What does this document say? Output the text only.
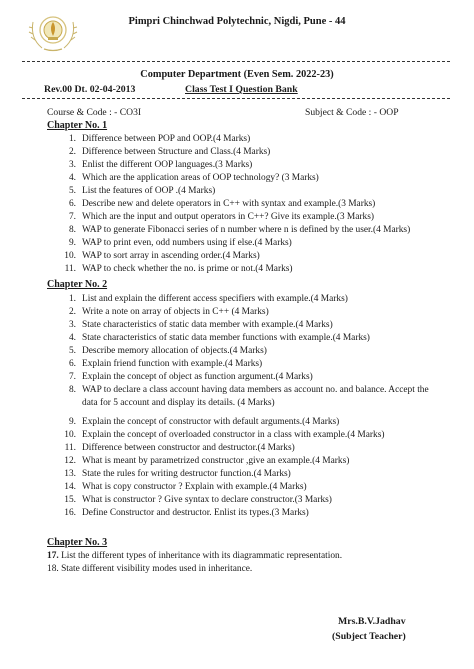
Pimpri Chinchwad Polytechnic, Nigdi, Pune - 44
Computer Department (Even Sem. 2022-23)
Rev.00 Dt. 02-04-2013	Class Test I Question Bank
Course & Code : - CO3I	Subject & Code : - OOP
Chapter No. 1
1. Difference between POP and OOP.(4 Marks)
2. Difference between Structure and Class.(4 Marks)
3. Enlist the different OOP languages.(3 Marks)
4. Which are the application areas of OOP technology? (3 Marks)
5. List the features of OOP .(4 Marks)
6. Describe new and delete operators in C++ with syntax and example.(3 Marks)
7. Which are the input and output operators in C++? Give its example.(3 Marks)
8. WAP to generate Fibonacci series of n number where n is defined by the user.(4 Marks)
9. WAP to print even, odd numbers using if else.(4 Marks)
10. WAP to sort array in ascending order.(4 Marks)
11. WAP to check whether the no. is prime or not.(4 Marks)
Chapter No. 2
1. List and explain the different access specifiers with example.(4 Marks)
2. Write a note on array of objects in C++ (4 Marks)
3. State characteristics of static data member with example.(4 Marks)
4. State characteristics of static data member functions with example.(4 Marks)
5. Describe memory allocation of objects.(4 Marks)
6. Explain friend function with example.(4 Marks)
7. Explain the concept of object as function argument.(4 Marks)
8. WAP to declare a class account having data members as account no. and balance. Accept the data for 5 account and display its details. (4 Marks)
9. Explain the concept of constructor with default arguments.(4 Marks)
10. Explain the concept of overloaded constructor in a class with example.(4 Marks)
11. Difference between constructor and destructor.(4 Marks)
12. What is meant by parametrized constructor ,give an example.(4 Marks)
13. State the rules for writing destructor function.(4 Marks)
14. What is copy constructor ? Explain with example.(4 Marks)
15. What is constructor ? Give syntax to declare constructor.(3 Marks)
16. Define Constructor and destructor. Enlist its types.(3 Marks)
Chapter No. 3
17. List the different types of inheritance with its diagrammatic representation.
18. State different visibility modes used in inheritance.
Mrs.B.V.Jadhav
(Subject Teacher)
